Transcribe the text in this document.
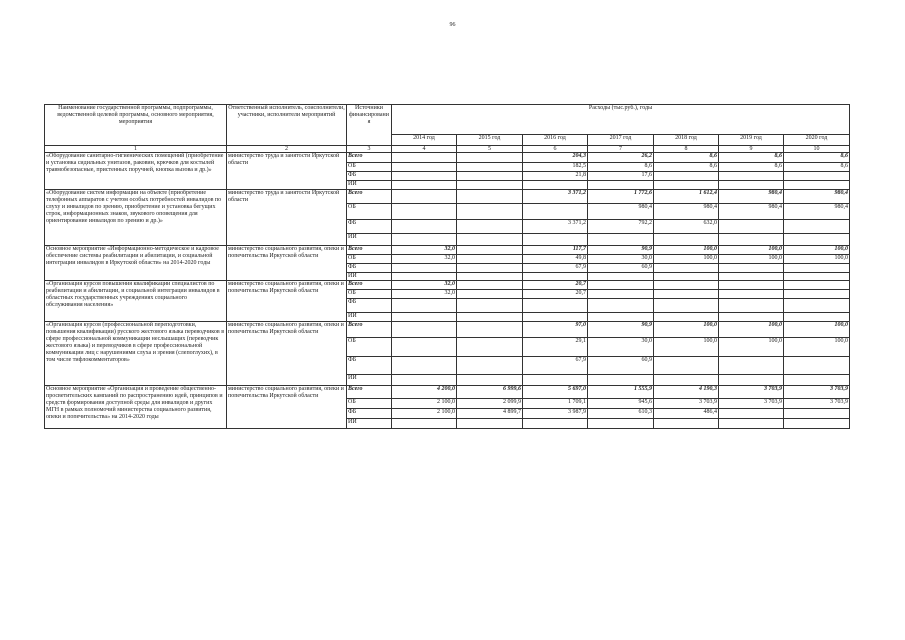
96
Наименование государственной программы, подпрограммы, ведомственной целевой программы, основного мероприятия, мероприятия	Ответственный исполнитель, соисполнители, участники, исполнители мероприятий	Источники финансировани я	Расходы (тыс.руб.), годы						
			2014 год	2015 год	2016 год	2017 год	2018 год	2019 год	2020 год
1	2	3	4	5	6	7	8	9	10
«Оборудование санитарно-гигиенических помещений (приобретение и установка сидильных унитазов, раковин, крючков для костылей травмобезопасные, пристенных поручней, кнопка вызова и др.)»	министерство труда и занятости Иркутской области	Всего			204,3	26,2	8,6	8,6	8,6
		ОБ			182,5	8,6	8,6	8,6	8,6
		ФБ			21,8	17,6			
		ИИ							
«Оборудование систем информации на объекте (приобретение телефонных аппаратов с учетом особых потребностей инвалидов по слуху и инвалидов по зрению, приобретение и установка бегущих строк, информационных знаков, звукового оповещения для ориентирование инвалидов по зрению и др.)»	министерство труда и занятости Иркутской области	Всего			3 371,2	1 772,6	1 612,4	980,4	980,4
		ОБ				980,4	980,4	980,4	980,4
		ФБ			3 371,2	792,2	632,0		
		ИИ							
Основное мероприятие «Информационно-методическое и кадровое обеспечение системы реабилитации и абилитации, и социальной интеграции инвалидов в Иркутской области» на 2014-2020 годы	министерство социального развития, опеки и попечительства Иркутской области	Всего	32,0		117,7	90,9	100,0	100,0	100,0
		ОБ	32,0		49,8	30,0	100,0	100,0	100,0
		ФБ			67,9	60,9			
		ИИ							
«Организация курсов повышения квалификации специалистов по реабилитации и абилитации, и социальной интеграции инвалидов в областных государственных учреждениях социального обслуживания населения»	министерство социального развития, опеки и попечительства Иркутской области	Всего	32,0		20,7				
		ОБ	32,0		20,7				
		ФБ							
		ИИ							
«Организация курсов (профессиональной переподготовки, повышения квалификации) русского жестового языка переводчиков в сфере профессиональной коммуникации неслышащих (переводчик жестового языка) и переводчиков в сфере профессиональной коммуникации лиц с нарушениями слуха и зрения (слепоглухих), в том числе тифлокомментаторов»	министерство социального развития, опеки и попечительства Иркутской области	Всего			97,0	90,9	100,0	100,0	100,0
		ОБ			29,1	30,0	100,0	100,0	100,0
		ФБ			67,9	60,9			
		ИИ							
Основное мероприятие «Организация и проведение общественно-просветительских кампаний по распространению идей, принципов и средств формирования доступной среды для инвалидов и других МГН в рамках полномочий министерства социального развития, опеки и попечительства» на 2014-2020 годы	министерство социального развития, опеки и попечительства Иркутской области	Всего	4 200,0	6 999,6	5 697,0	1 555,9	4 190,3	3 703,9	3 703,9
		ОБ	2 100,0	2 099,9	1 709,1	945,6	3 703,9	3 703,9	3 703,9
		ФБ	2 100,0	4 899,7	3 987,9	610,3	486,4		
		ИИ							
